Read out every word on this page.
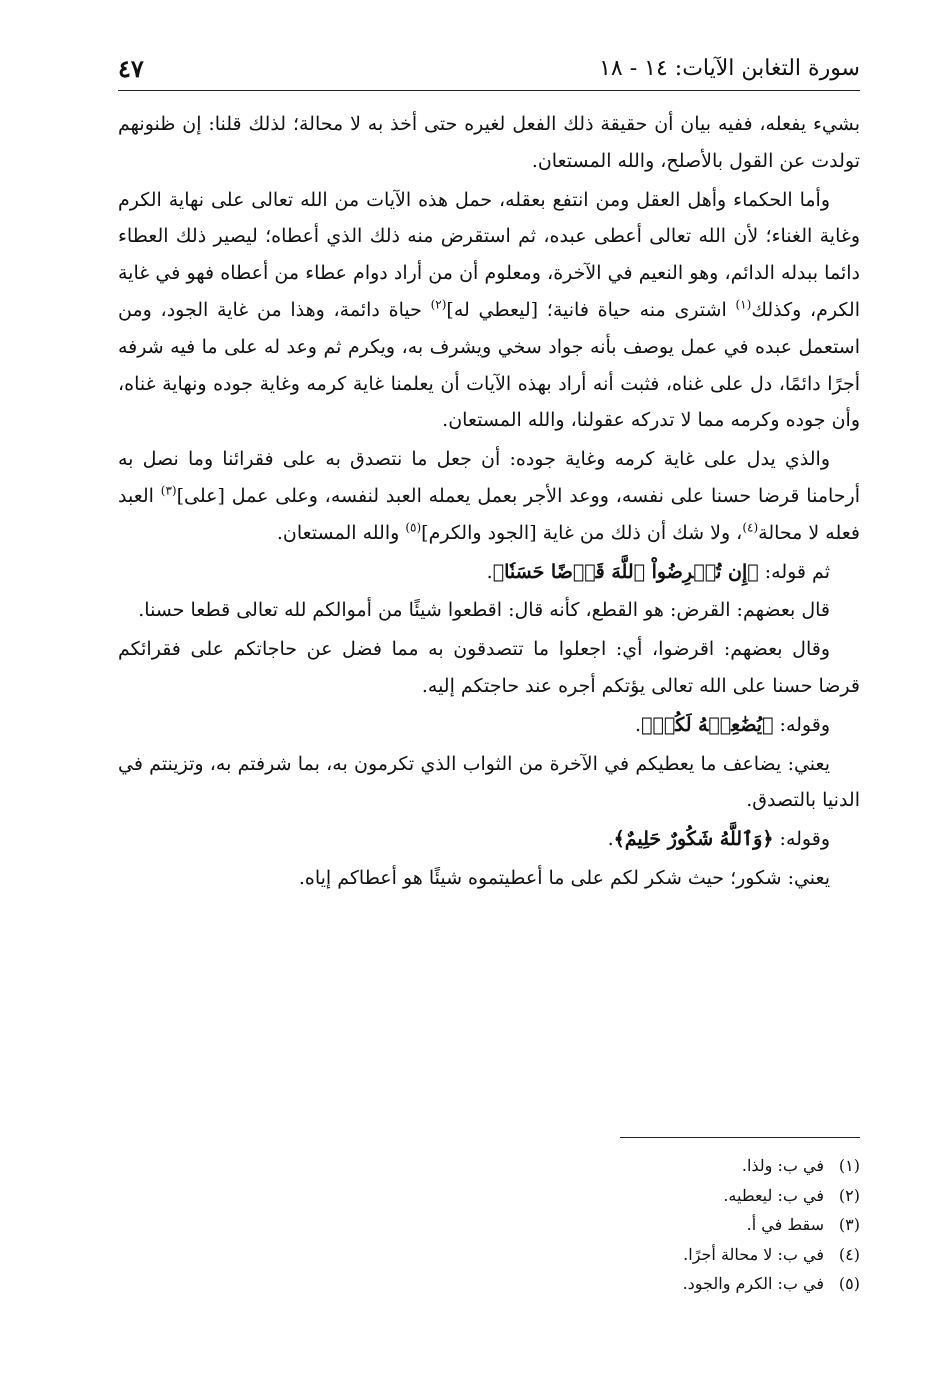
سورة التغابن الآيات: ١٤ - ١٨
٤٧

بشيء يفعله، ففيه بيان أن حقيقة ذلك الفعل لغيره حتى أخذ به لا محالة؛ لذلك قلنا: إن ظنونهم تولدت عن القول بالأصلح، والله المستعان.

وأما الحكماء وأهل العقل ومن انتفع بعقله، حمل هذه الآيات من الله تعالى على نهاية الكرم وغاية الغناء؛ لأن الله تعالى أعطى عبده، ثم استقرض منه ذلك الذي أعطاه؛ ليصير ذلك العطاء دائما ببدله الدائم، وهو النعيم في الآخرة، ومعلوم أن من أراد دوام عطاء من أعطاه فهو في غاية الكرم، وكذلك$^{(١)}$ اشترى منه حياة فانية؛ [ليعطي له]$^{(٢)}$ حياة دائمة، وهذا من غاية الجود، ومن استعمل عبده في عمل يوصف بأنه جواد سخي ويشرف به، ويكرم ثم وعد له على ما فيه شرفه أجرًا دائمًا، دل على غناه، فثبت أنه أراد بهذه الآيات أن يعلمنا غاية كرمه وغاية جوده ونهاية غناه، وأن جوده وكرمه مما لا تدركه عقولنا، والله المستعان.

والذي يدل على غاية كرمه وغاية جوده: أن جعل ما نتصدق به على فقرائنا وما نصل به أرحامنا قرضا حسنا على نفسه، ووعد الأجر بعمل يعمله العبد لنفسه، وعلى عمل [على]$^{(٣)}$ العبد فعله لا محالة$^{(٤)}$، ولا شك أن ذلك من غاية [الجود والكرم]$^{(٥)}$ والله المستعان.

ثم قوله: ﴿إِن تُقۡرِضُواْ ٱللَّهَ قَرۡضًا حَسَنٗا﴾.

قال بعضهم: القرض: هو القطع، كأنه قال: اقطعوا شيئًا من أموالكم لله تعالى قطعا حسنا.

وقال بعضهم: اقرضوا، أي: اجعلوا ما تتصدقون به مما فضل عن حاجاتكم على فقرائكم قرضا حسنا على الله تعالى يؤتكم أجره عند حاجتكم إليه.

وقوله: ﴿يُضَٰعِفۡهُ لَكُمۡ﴾.

يعني: يضاعف ما يعطيكم في الآخرة من الثواب الذي تكرمون به، بما شرفتم به، وتزينتم في الدنيا بالتصدق.

وقوله: ﴿وَٱللَّهُ شَكُورٌ حَلِيمٌ﴾.

يعني: شكور؛ حيث شكر لكم على ما أعطيتموه شيئًا هو أعطاكم إياه.

(١)في ب: ولذا.
(٢)في ب: ليعطيه.
(٣)سقط في أ.
(٤)في ب: لا محالة أجرًا.
(٥)في ب: الكرم والجود.
